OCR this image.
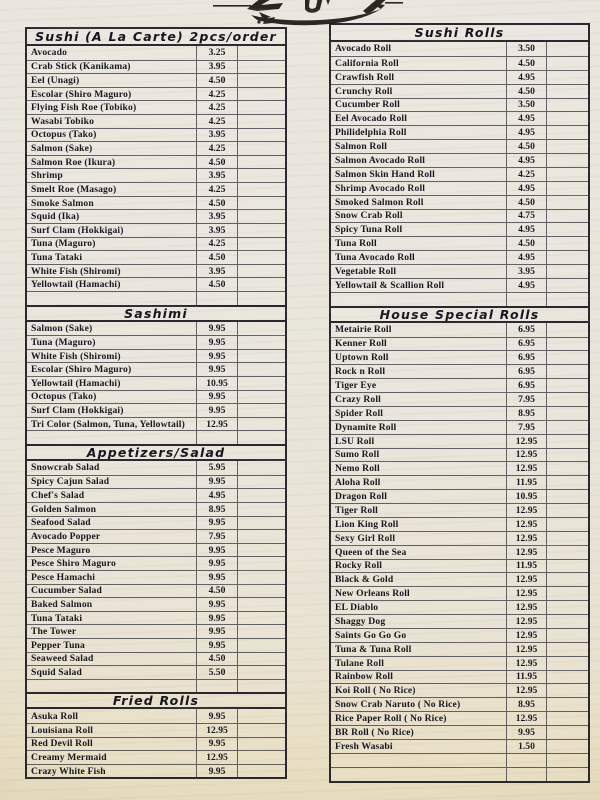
Sushi (A La Carte) 2pcs/order
Avocado	3.25
Crab Stick (Kanikama)	3.95
Eel (Unagi)	4.50
Escolar (Shiro Maguro)	4.25
Flying Fish Roe (Tobiko)	4.25
Wasabi Tobiko	4.25
Octopus (Tako)	3.95
Salmon (Sake)	4.25
Salmon Roe (Ikura)	4.50
Shrimp	3.95
Smelt Roe (Masago)	4.25
Smoke Salmon	4.50
Squid (Ika)	3.95
Surf Clam (Hokkigai)	3.95
Tuna (Maguro)	4.25
Tuna Tataki	4.50
White Fish (Shiromi)	3.95
Yellowtail (Hamachi)	4.50
Sashimi
Salmon (Sake)	9.95
Tuna (Maguro)	9.95
White Fish (Shiromi)	9.95
Escolar (Shiro Maguro)	9.95
Yellowtail (Hamachi)	10.95
Octopus (Tako)	9.95
Surf Clam (Hokkigai)	9.95
Tri Color (Salmon, Tuna, Yellowtail)	12.95
Appetizers/Salad
Snowcrab Salad	5.95
Spicy Cajun Salad	9.95
Chef's Salad	4.95
Golden Salmon	8.95
Seafood Salad	9.95
Avocado Popper	7.95
Pesce Maguro	9.95
Pesce Shiro Maguro	9.95
Pesce Hamachi	9.95
Cucumber Salad	4.50
Baked Salmon	9.95
Tuna Tataki	9.95
The Tower	9.95
Pepper Tuna	9.95
Seaweed Salad	4.50
Squid Salad	5.50
Fried Rolls
Asuka Roll	9.95
Louisiana Roll	12.95
Red Devil Roll	9.95
Creamy Mermaid	12.95
Crazy White Fish	9.95
Sushi Rolls
Avocado Roll	3.50
California Roll	4.50
Crawfish Roll	4.95
Crunchy Roll	4.50
Cucumber Roll	3.50
Eel Avocado Roll	4.95
Philidelphia Roll	4.95
Salmon Roll	4.50
Salmon Avocado Roll	4.95
Salmon Skin Hand Roll	4.25
Shrimp Avocado Roll	4.95
Smoked Salmon Roll	4.50
Snow Crab Roll	4.75
Spicy Tuna Roll	4.95
Tuna Roll	4.50
Tuna Avocado Roll	4.95
Vegetable Roll	3.95
Yellowtail & Scallion Roll	4.95
House Special Rolls
Metairie Roll	6.95
Kenner Roll	6.95
Uptown Roll	6.95
Rock n Roll	6.95
Tiger Eye	6.95
Crazy Roll	7.95
Spider Roll	8.95
Dynamite Roll	7.95
LSU Roll	12.95
Sumo Roll	12.95
Nemo Roll	12.95
Aloha Roll	11.95
Dragon Roll	10.95
Tiger Roll	12.95
Lion King Roll	12.95
Sexy Girl Roll	12.95
Queen of the Sea	12.95
Rocky Roll	11.95
Black & Gold	12.95
New Orleans Roll	12.95
EL Diablo	12.95
Shaggy Dog	12.95
Saints Go Go Go	12.95
Tuna & Tuna Roll	12.95
Tulane Roll	12.95
Rainbow Roll	11.95
Koi Roll ( No Rice)	12.95
Snow Crab Naruto ( No Rice)	8.95
Rice Paper Roll ( No Rice)	12.95
BR Roll ( No Rice)	9.95
Fresh Wasabi	1.50
